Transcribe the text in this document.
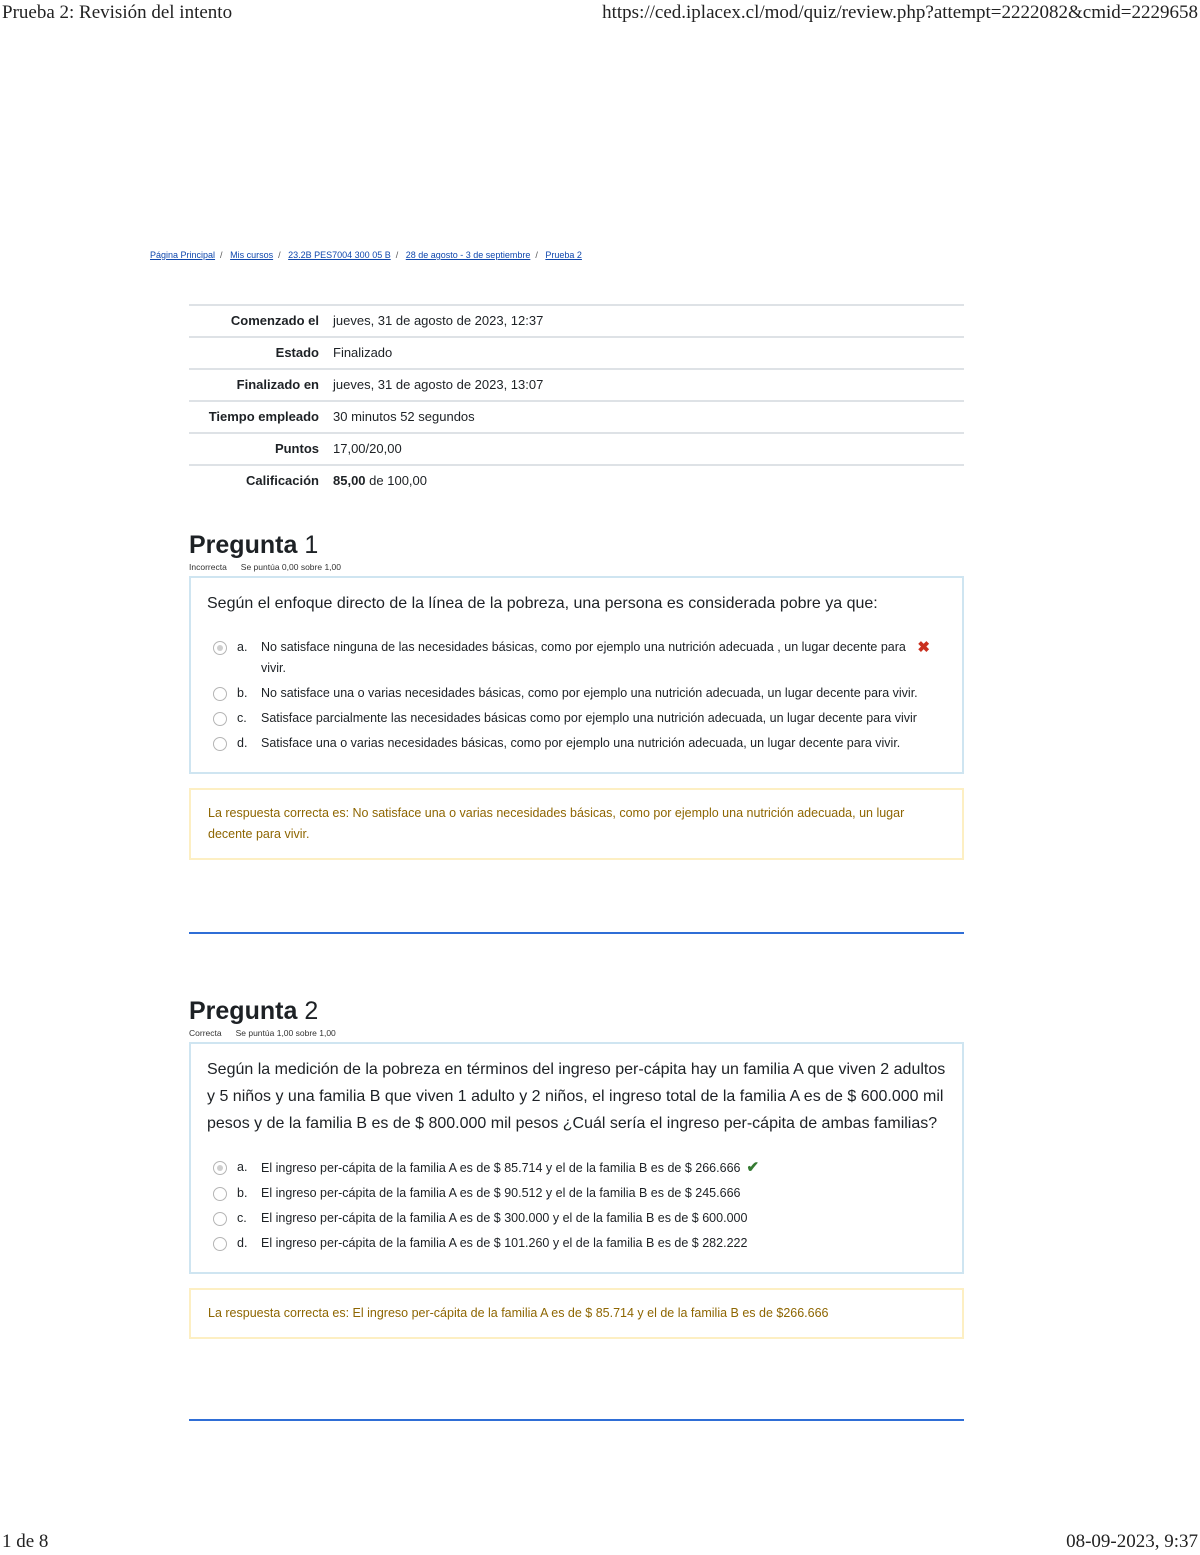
Prueba 2: Revisión del intento	https://ced.iplacex.cl/mod/quiz/review.php?attempt=2222082&cmid=2229658
Página Principal / Mis cursos / 23.2B PES7004 300 05 B / 28 de agosto - 3 de septiembre / Prueba 2
Comenzado el	jueves, 31 de agosto de 2023, 12:37
Estado	Finalizado
Finalizado en	jueves, 31 de agosto de 2023, 13:07
Tiempo empleado	30 minutos 52 segundos
Puntos	17,00/20,00
Calificación	85,00 de 100,00
Pregunta 1
Incorrecta Se puntúa 0,00 sobre 1,00
Según el enfoque directo de la línea de la pobreza, una persona es considerada pobre ya que:
a.	No satisface ninguna de las necesidades básicas, como por ejemplo una nutrición adecuada , un lugar decente para vivir.
✖
b.	No satisface una o varias necesidades básicas, como por ejemplo una nutrición adecuada, un lugar decente para vivir.
c.	Satisface parcialmente las necesidades básicas como por ejemplo una nutrición adecuada, un lugar decente para vivir
d.	Satisface una o varias necesidades básicas, como por ejemplo una nutrición adecuada, un lugar decente para vivir.
La respuesta correcta es: No satisface una o varias necesidades básicas, como por ejemplo una nutrición adecuada, un lugar decente para vivir.
Pregunta 2
Correcta Se puntúa 1,00 sobre 1,00
Según la medición de la pobreza en términos del ingreso per-cápita hay un familia A que viven 2 adultos y 5 niños y una familia B que viven 1 adulto y 2 niños, el ingreso total de la familia A es de $ 600.000 mil pesos y de la familia B es de $ 800.000 mil pesos ¿Cuál sería el ingreso per-cápita de ambas familias?
a.	El ingreso per-cápita de la familia A es de $ 85.714 y el de la familia B es de $ 266.666 ✔
b.	El ingreso per-cápita de la familia A es de $ 90.512 y el de la familia B es de $ 245.666
c.	El ingreso per-cápita de la familia A es de $ 300.000 y el de la familia B es de $ 600.000
d.	El ingreso per-cápita de la familia A es de $ 101.260 y el de la familia B es de $ 282.222
La respuesta correcta es: El ingreso per-cápita de la familia A es de $ 85.714 y el de la familia B es de $266.666
1 de 8	08-09-2023, 9:37
